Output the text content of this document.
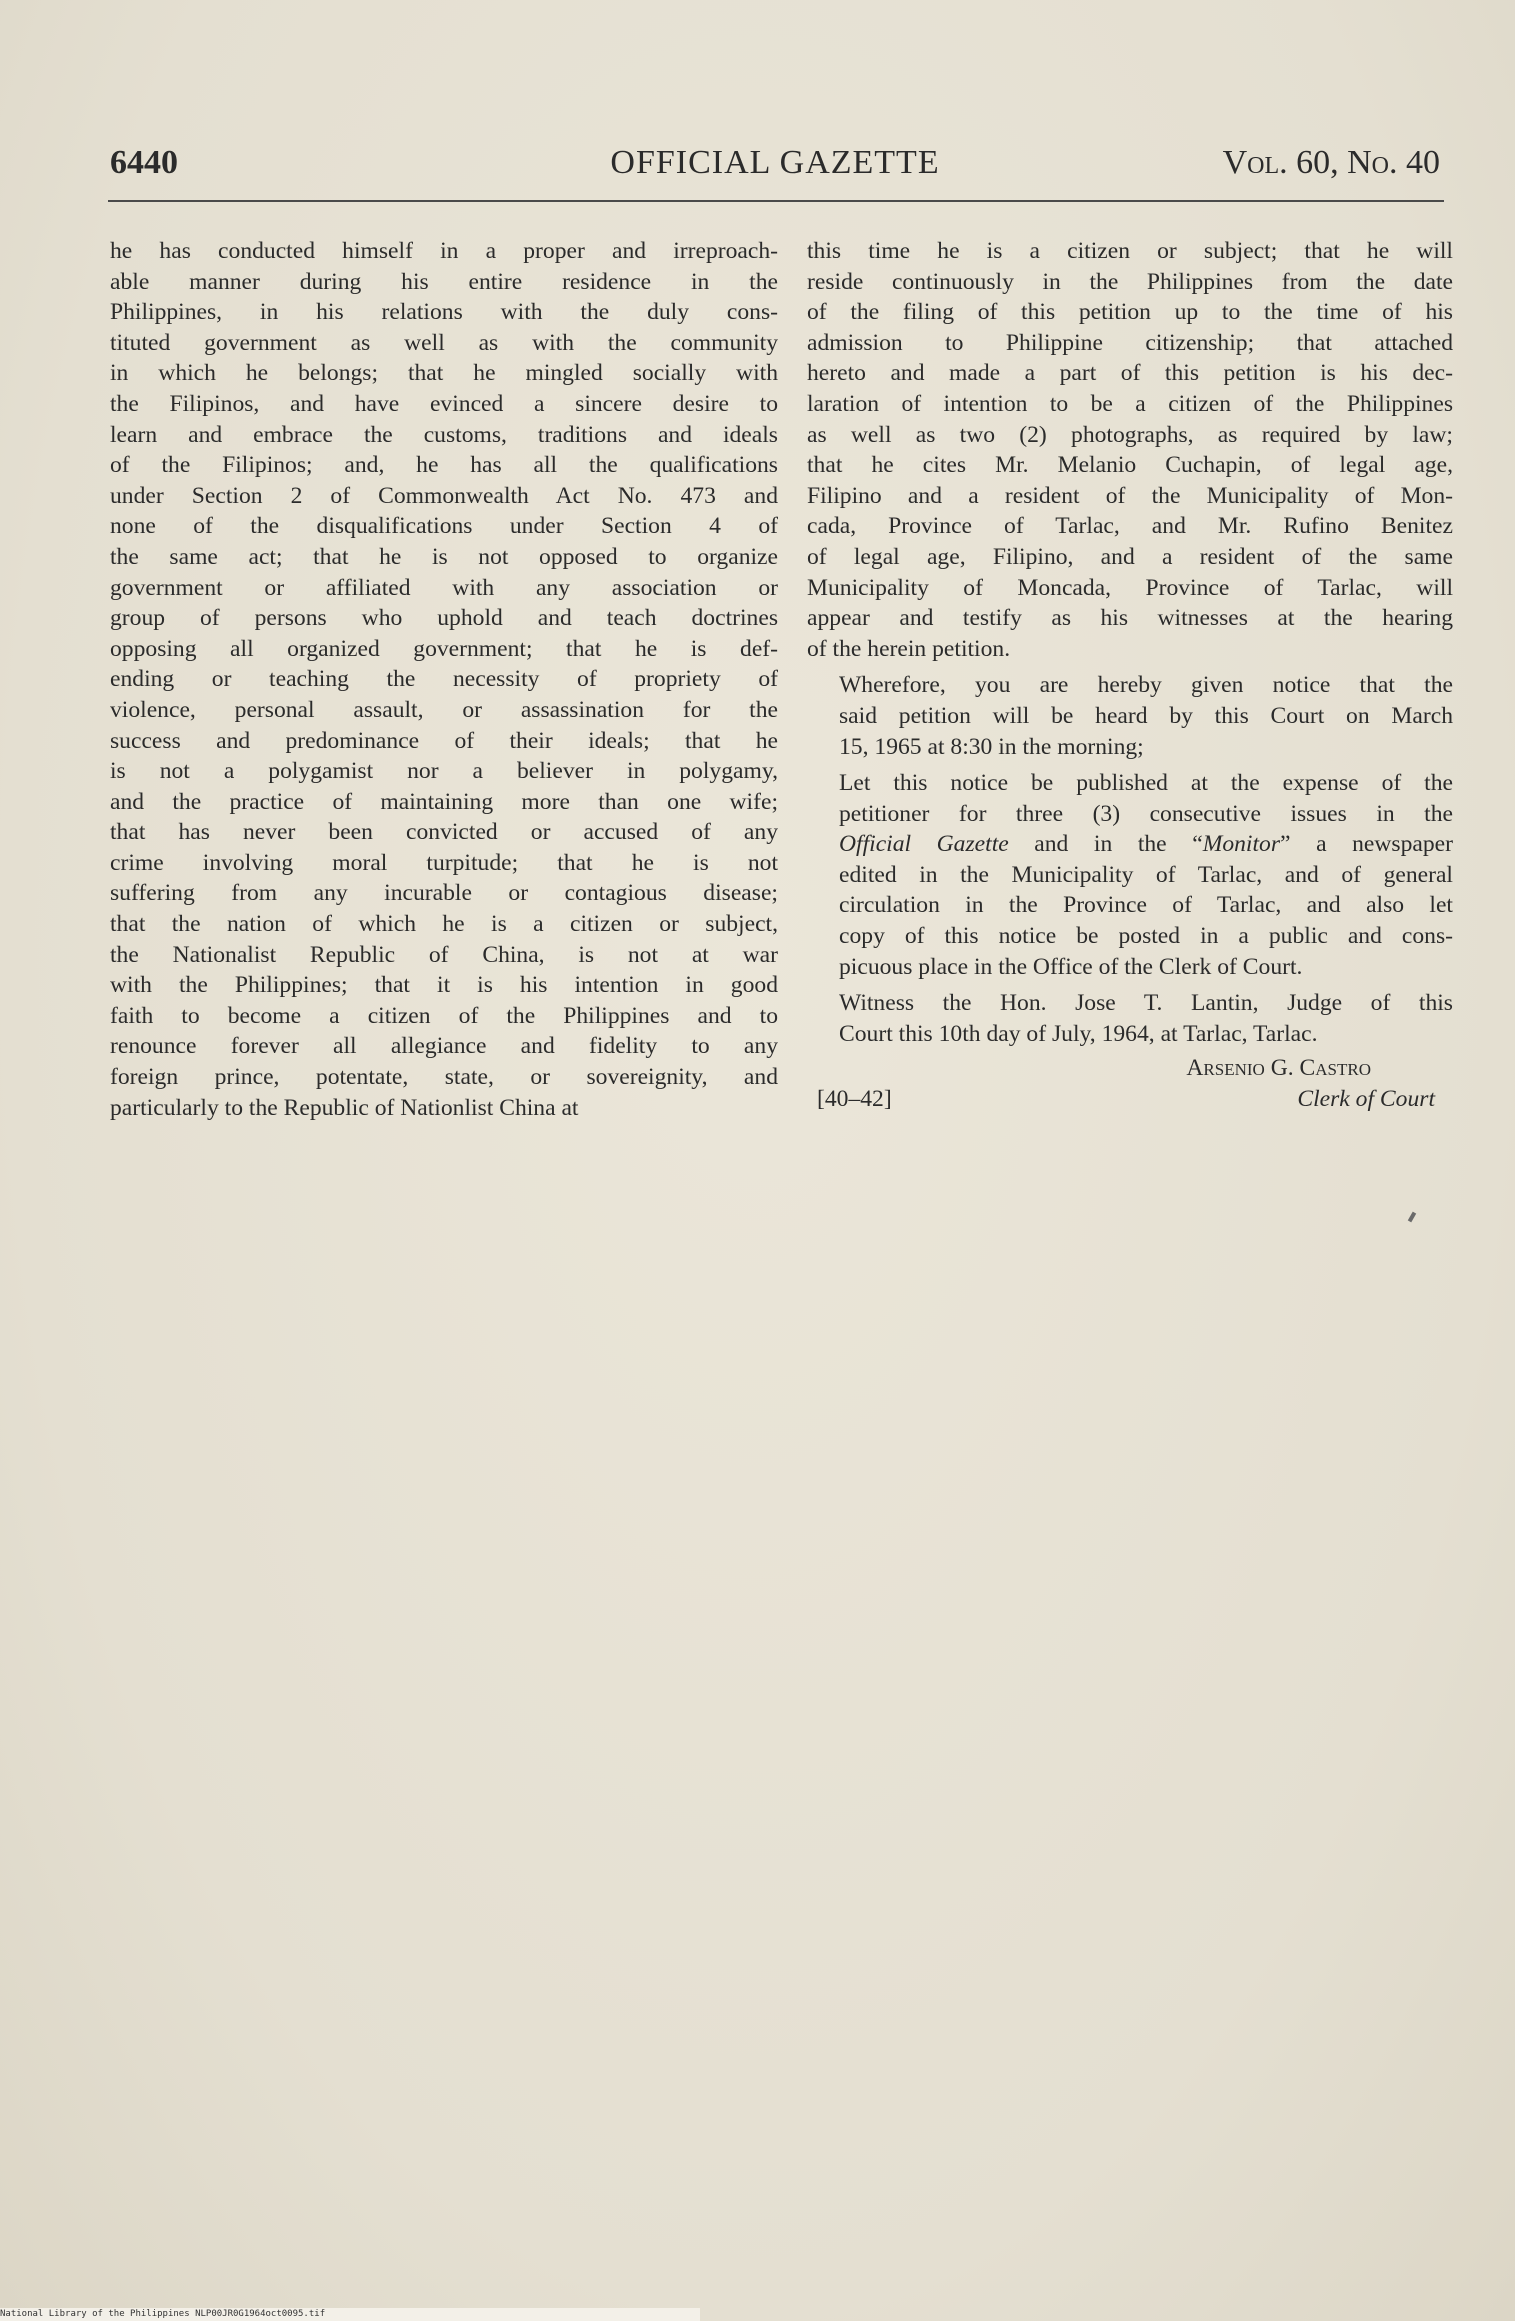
6440	OFFICIAL GAZETTE	Vol. 60, No. 40
he has conducted himself in a proper and irreproach-
able manner during his entire residence in the
Philippines, in his relations with the duly cons-
tituted government as well as with the community
in which he belongs; that he mingled socially with
the Filipinos, and have evinced a sincere desire to
learn and embrace the customs, traditions and ideals
of the Filipinos; and, he has all the qualifications
under Section 2 of Commonwealth Act No. 473 and
none of the disqualifications under Section 4 of
the same act; that he is not opposed to organize
government or affiliated with any association or
group of persons who uphold and teach doctrines
opposing all organized government; that he is def-
ending or teaching the necessity of propriety of
violence, personal assault, or assassination for the
success and predominance of their ideals; that he
is not a polygamist nor a believer in polygamy,
and the practice of maintaining more than one wife;
that has never been convicted or accused of any
crime involving moral turpitude; that he is not
suffering from any incurable or contagious disease;
that the nation of which he is a citizen or subject,
the Nationalist Republic of China, is not at war
with the Philippines; that it is his intention in good
faith to become a citizen of the Philippines and to
renounce forever all allegiance and fidelity to any
foreign prince, potentate, state, or sovereignity, and
particularly to the Republic of Nationlist China at

this time he is a citizen or subject; that he will
reside continuously in the Philippines from the date
of the filing of this petition up to the time of his
admission to Philippine citizenship; that attached
hereto and made a part of this petition is his dec-
laration of intention to be a citizen of the Philippines
as well as two (2) photographs, as required by law;
that he cites Mr. Melanio Cuchapin, of legal age,
Filipino and a resident of the Municipality of Mon-
cada, Province of Tarlac, and Mr. Rufino Benitez
of legal age, Filipino, and a resident of the same
Municipality of Moncada, Province of Tarlac, will
appear and testify as his witnesses at the hearing
of the herein petition.

Wherefore, you are hereby given notice that the
said petition will be heard by this Court on March
15, 1965 at 8:30 in the morning;

Let this notice be published at the expense of the
petitioner for three (3) consecutive issues in the
Official Gazette and in the “Monitor” a newspaper
edited in the Municipality of Tarlac, and of general
circulation in the Province of Tarlac, and also let
copy of this notice be posted in a public and cons-
picuous place in the Office of the Clerk of Court.

Witness the Hon. Jose T. Lantin, Judge of this
Court this 10th day of July, 1964, at Tarlac, Tarlac.

Arsenio G. Castro
[40–42]	Clerk of Court
National Library of the Philippines NLP00JR0G1964oct0095.tif
